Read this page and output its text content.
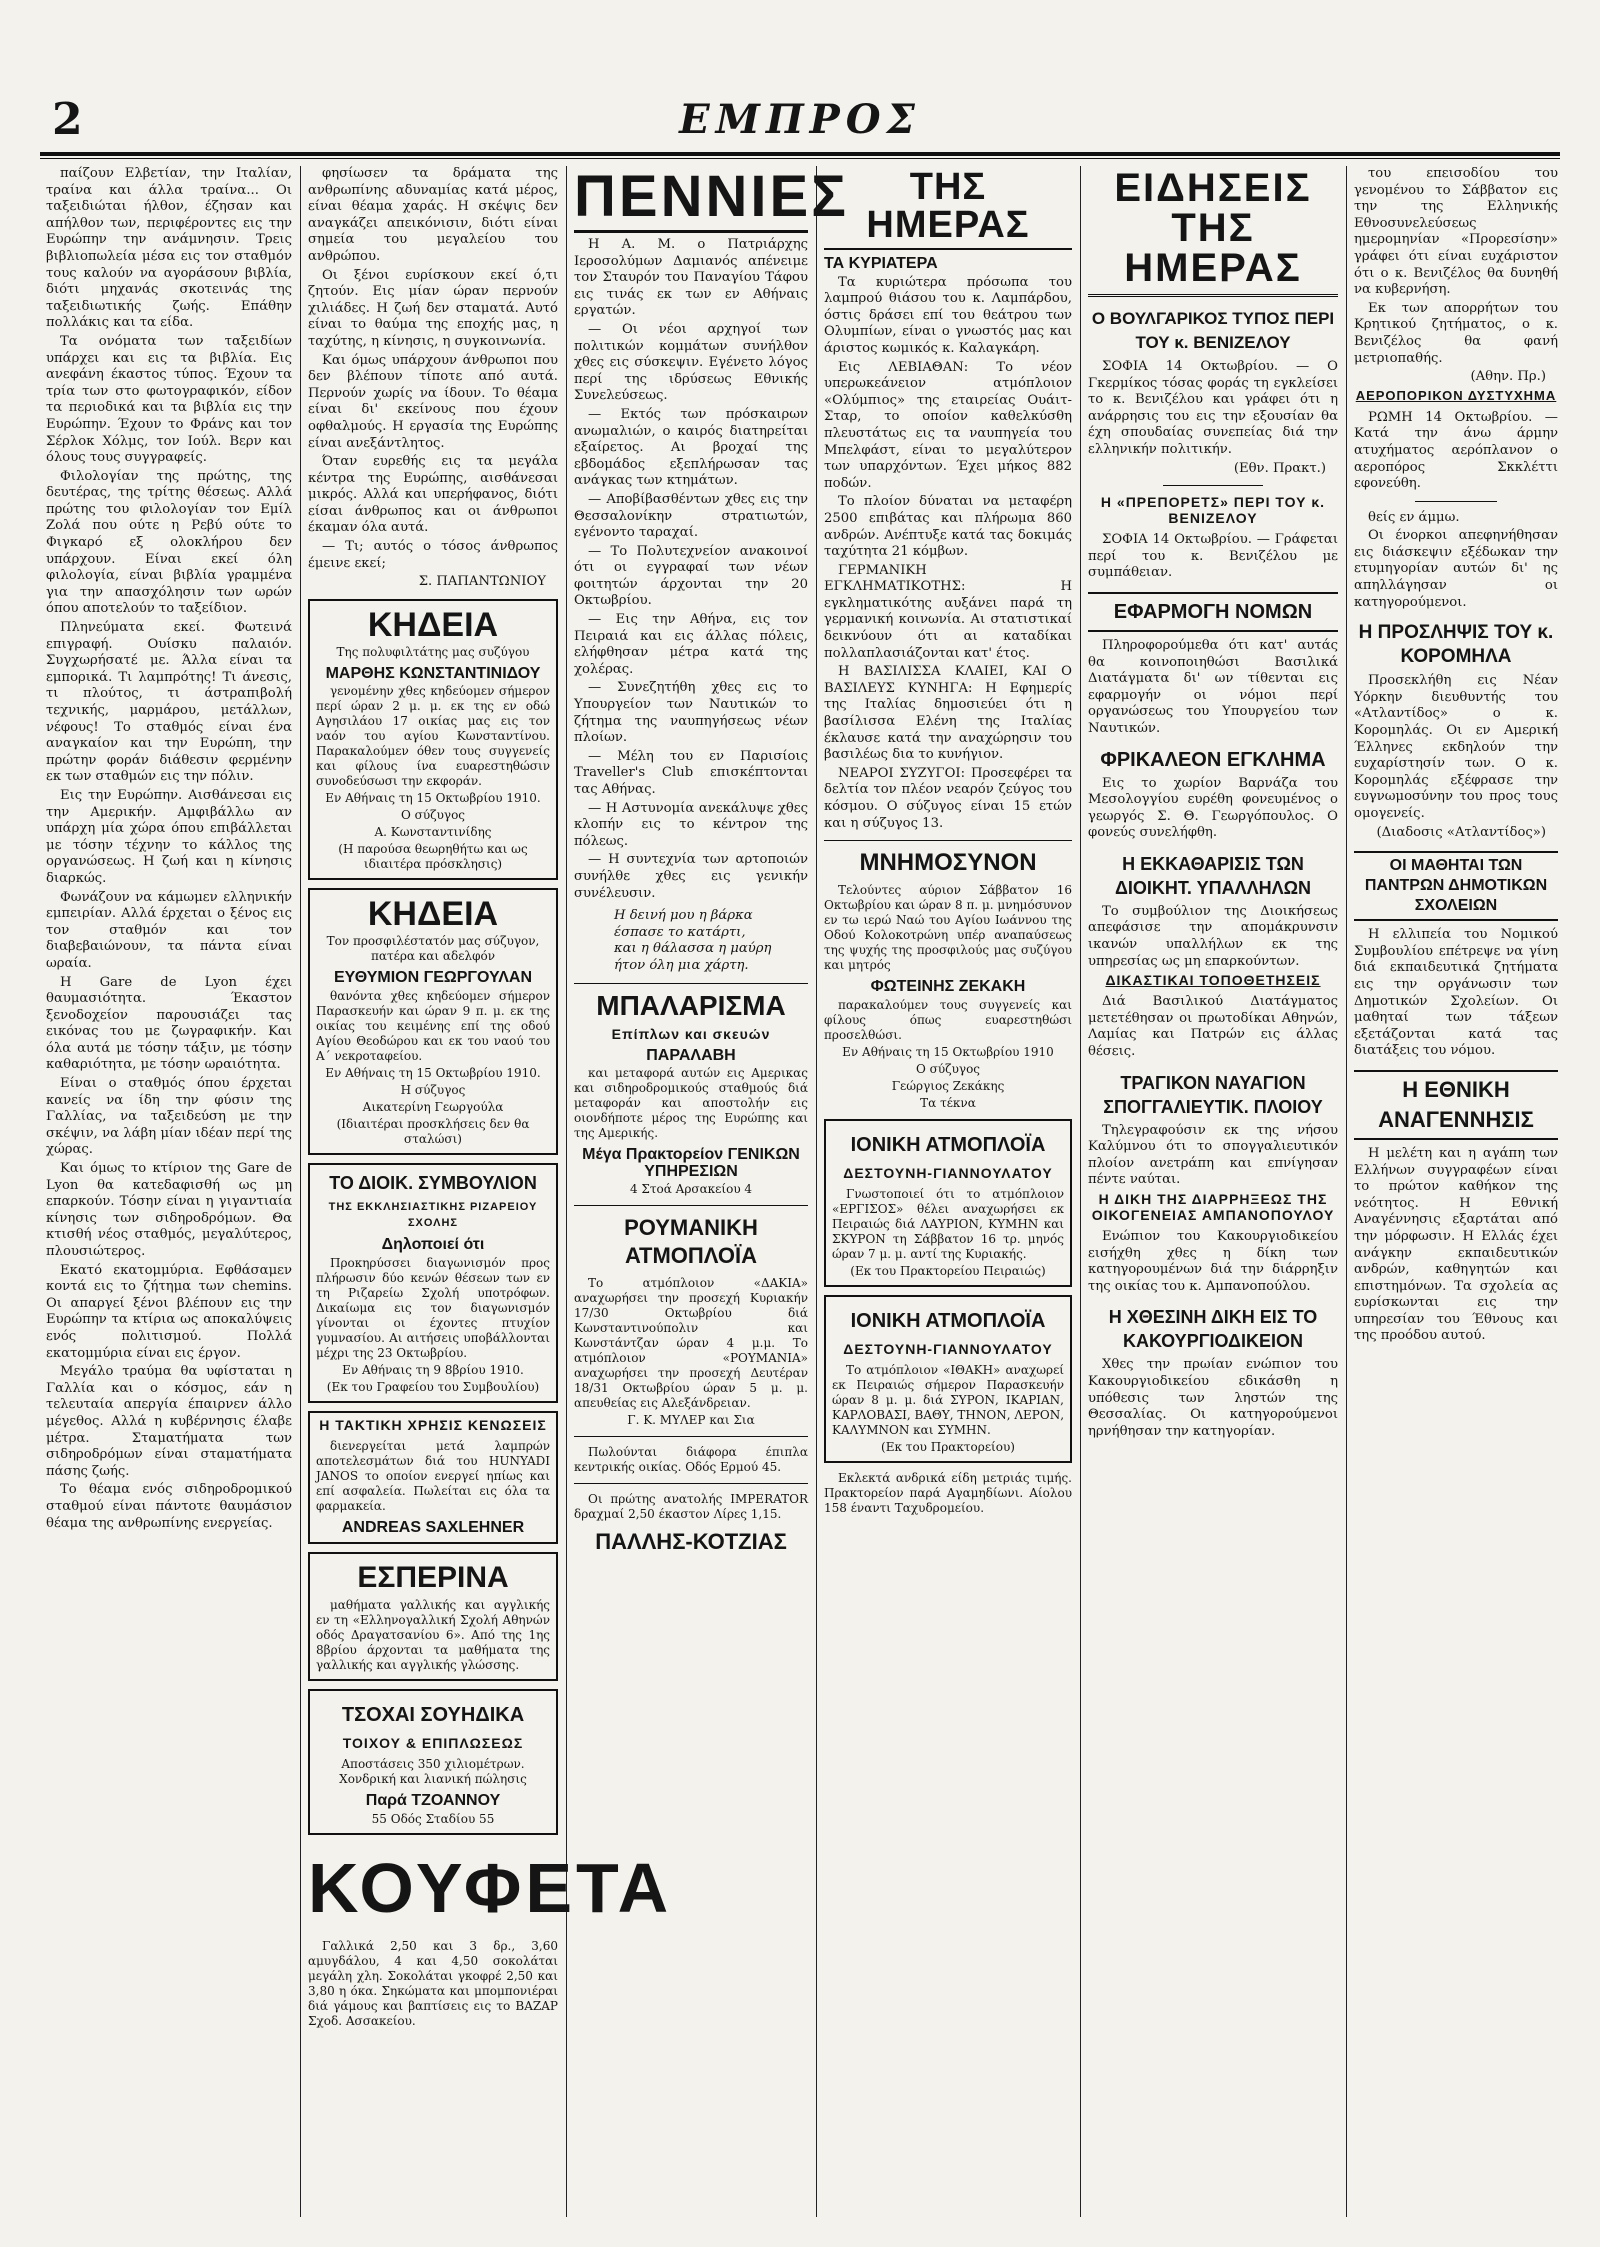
2	ΕΜΠΡΟΣ

παίζουν Ελβετίαν, την Ιταλίαν, τραίνα και άλλα τραίνα... Οι ταξειδιώται ήλθον, έζησαν και απήλθον των, περιφέροντες εις την Ευρώπην την ανάμνησιν. Τρεις βιβλιοπωλεία μέσα εις τον σταθμόν τους καλούν να αγοράσουν βιβλία, διότι μηχανάς σκοτεινάς της ταξειδιωτικής ζωής. Επάθην πολλάκις και τα είδα.

Τα ονόματα των ταξειδίων υπάρχει και εις τα βιβλία. Εις ανεφάνη έκαστος τύπος. Έχουν τα τρία των στο φωτογραφικόν, είδον τα περιοδικά και τα βιβλία εις την Ευρώπην. Έχουν το Φράνς και τον Σέρλοκ Χόλμς, τον Ιούλ. Βερν και όλους τους συγγραφείς.

Φιλολογίαν της πρώτης, της δευτέρας, της τρίτης θέσεως. Αλλά πρώτης του φιλολογίαν τον Εμίλ Ζολά που ούτε η Ρεβύ ούτε το Φιγκαρό εξ ολοκλήρου δεν υπάρχουν. Είναι εκεί όλη φιλολογία, είναι βιβλία γραμμένα για την απασχόλησιν των ωρών όπου αποτελούν το ταξείδιον.

Πληνεύματα εκεί. Φωτεινά επιγραφή. Ουίσκυ παλαιόν. Συγχωρήσατέ με. Άλλα είναι τα εμπορικά. Τι λαμπρότης! Τι άνεσις, τι πλούτος, τι άστραπιβολή τεχνικής, μαρμάρου, μετάλλων, νέφους! Το σταθμός είναι ένα αναγκαίον και την Ευρώπη, την πρώτην φοράν διάθεσιν φερμένην εκ των σταθμών εις την πόλιν.

Εις την Ευρώπην. Αισθάνεσαι εις την Αμερικήν. Αμφιβάλλω αν υπάρχη μία χώρα όπου επιβάλλεται με τόσην τέχνην το κάλλος της οργανώσεως. Η ζωή και η κίνησις διαρκώς.

Φωνάζουν να κάμωμεν ελληνικήν εμπειρίαν. Αλλά έρχεται ο ξένος εις τον σταθμόν και τον διαβεβαιώνουν, τα πάντα είναι ωραία.

Η Gare de Lyon έχει θαυμασιότητα. Έκαστον ξενοδοχείον παρουσιάζει τας εικόνας του με ζωγραφικήν. Και όλα αυτά με τόσην τάξιν, με τόσην καθαριότητα, με τόσην ωραιότητα.

Είναι ο σταθμός όπου έρχεται κανείς να ίδη την φύσιν της Γαλλίας, να ταξειδεύση με την σκέψιν, να λάβη μίαν ιδέαν περί της χώρας.

Και όμως το κτίριον της Gare de Lyon θα κατεδαφισθή ως μη επαρκούν. Τόσην είναι η γιγαντιαία κίνησις των σιδηροδρόμων. Θα κτισθή νέος σταθμός, μεγαλύτερος, πλουσιώτερος.

Εκατό εκατομμύρια. Εφθάσαμεν κοντά εις το ζήτημα των chemins. Οι απαργεί ξένοι βλέπουν εις την Ευρώπην τα κτίρια ως αποκαλύψεις ενός πολιτισμού. Πολλά εκατομμύρια είναι εις έργον.

Μεγάλο τραύμα θα υφίσταται η Γαλλία και ο κόσμος, εάν η τελευταία απεργία έπαιρνεν άλλο μέγεθος. Αλλά η κυβέρνησις έλαβε μέτρα. Σταματήματα των σιδηροδρόμων είναι σταματήματα πάσης ζωής.

Το θέαμα ενός σιδηροδρομικού σταθμού είναι πάντοτε θαυμάσιον θέαμα της ανθρωπίνης ενεργείας.

φησίωσεν τα δράματα της ανθρωπίνης αδυναμίας κατά μέρος, είναι θέαμα χαράς. Η σκέψις δεν αναγκάζει απεικόνισιν, διότι είναι σημεία του μεγαλείου του ανθρώπου.

Οι ξένοι ευρίσκουν εκεί ό,τι ζητούν. Εις μίαν ώραν περνούν χιλιάδες. Η ζωή δεν σταματά. Αυτό είναι το θαύμα της εποχής μας, η ταχύτης, η κίνησις, η συγκοινωνία.

Και όμως υπάρχουν άνθρωποι που δεν βλέπουν τίποτε από αυτά. Περνούν χωρίς να ίδουν. Το θέαμα είναι δι' εκείνους που έχουν οφθαλμούς. Η εργασία της Ευρώπης είναι ανεξάντλητος.

Όταν ευρεθής εις τα μεγάλα κέντρα της Ευρώπης, αισθάνεσαι μικρός. Αλλά και υπερήφανος, διότι είσαι άνθρωπος και οι άνθρωποι έκαμαν όλα αυτά.

— Τι; αυτός ο τόσος άνθρωπος έμεινε εκεί;

Σ. ΠΑΠΑΝΤΩΝΙΟΥ

ΚΗΔΕΙΑ

Της πολυφιλτάτης μας συζύγου

ΜΑΡΘΗΣ ΚΩΝΣΤΑΝΤΙΝΙΔΟΥ

γενομένην χθες κηδεύομεν σήμερον περί ώραν 2 μ. μ. εκ της εν οδώ Αγησιλάου 17 οικίας μας εις τον ναόν του αγίου Κωνσταντίνου. Παρακαλούμεν όθεν τους συγγενείς και φίλους ίνα ευαρεστηθώσιν συνοδεύσωσι την εκφοράν.

Εν Αθήναις τη 15 Οκτωβρίου 1910.

Ο σύζυγος

Α. Κωνσταντινίδης

(Η παρούσα θεωρηθήτω και ως ιδιαιτέρα πρόσκλησις)

ΚΗΔΕΙΑ

Τον προσφιλέστατόν μας σύζυγον, πατέρα και αδελφόν

ΕΥΘΥΜΙΟΝ ΓΕΩΡΓΟΥΛΑΝ

θανόντα χθες κηδεύομεν σήμερον Παρασκευήν και ώραν 9 π. μ. εκ της οικίας του κειμένης επί της οδού Αγίου Θεοδώρου και εκ του ναού του Α΄ νεκροταφείου.

Εν Αθήναις τη 15 Οκτωβρίου 1910.

Η σύζυγος

Αικατερίνη Γεωργούλα

(Ιδιαιτέραι προσκλήσεις δεν θα σταλώσι)

ΤΟ ΔΙΟΙΚ. ΣΥΜΒΟΥΛΙΟΝ
ΤΗΣ ΕΚΚΛΗΣΙΑΣΤΙΚΗΣ ΡΙΖΑΡΕΙΟΥ ΣΧΟΛΗΣ
Δηλοποιεί ότι

Προκηρύσσει διαγωνισμόν προς πλήρωσιν δύο κενών θέσεων των εν τη Ριζαρείω Σχολή υποτρόφων. Δικαίωμα εις τον διαγωνισμόν γίνονται οι έχοντες πτυχίον γυμνασίου. Αι αιτήσεις υποβάλλονται μέχρι της 23 Οκτωβρίου.

Εν Αθήναις τη 9 8βρίου 1910.

(Εκ του Γραφείου του Συμβουλίου)

Η ΤΑΚΤΙΚΗ ΧΡΗΣΙΣ ΚΕΝΩΣΕΙΣ

διενεργείται μετά λαμπρών αποτελεσμάτων διά του HUNYADI JANOS το οποίον ενεργεί ηπίως και επί ασφαλεία. Πωλείται εις όλα τα φαρμακεία.

ANDREAS SAXLEHNER
ΕΣΠΕΡΙΝΑ

μαθήματα γαλλικής και αγγλικής εν τη «Ελληνογαλλική Σχολή Αθηνών οδός Δραγατσανίου 6». Από της 1ης 8βρίου άρχονται τα μαθήματα της γαλλικής και αγγλικής γλώσσης.

ΤΣΟΧΑΙ ΣΟΥΗΔΙΚΑ
ΤΟΙΧΟΥ & ΕΠΙΠΛΩΣΕΩΣ

Αποστάσεις 350 χιλιομέτρων. Χονδρική και λιανική πώλησις

Παρά ΤΖΟΑΝΝΟΥ

55 Οδός Σταδίου 55

ΚΟΥΦΕΤΑ

Γαλλικά 2,50 και 3 δρ., 3,60 αμυγδάλου, 4 και 4,50 σοκολάται μεγάλη χλη. Σοκολάται γκοφρέ 2,50 και 3,80 η όκα. Σηκώματα και μπομπονιέραι διά γάμους και βαπτίσεις εις το ΒΑΖΑΡ Σχοδ. Ασσακείου.

ΠΕΝΝΙΕΣ

Η Α. Μ. ο Πατριάρχης Ιεροσολύμων Δαμιανός απένειμε τον Σταυρόν του Παναγίου Τάφου εις τινάς εκ των εν Αθήναις εργατών.

— Οι νέοι αρχηγοί των πολιτικών κομμάτων συνήλθον χθες εις σύσκεψιν. Εγένετο λόγος περί της ιδρύσεως Εθνικής Συνελεύσεως.

— Εκτός των πρόσκαιρων ανωμαλιών, ο καιρός διατηρείται εξαίρετος. Αι βροχαί της εβδομάδος εξεπλήρωσαν τας ανάγκας των κτημάτων.

— Αποβίβασθέντων χθες εις την Θεσσαλονίκην στρατιωτών, εγένοντο ταραχαί.

— Το Πολυτεχνείον ανακοινοί ότι οι εγγραφαί των νέων φοιτητών άρχονται την 20 Οκτωβρίου.

— Εις την Αθήνα, εις τον Πειραιά και εις άλλας πόλεις, ελήφθησαν μέτρα κατά της χολέρας.

— Συνεζητήθη χθες εις το Υπουργείον των Ναυτικών το ζήτημα της ναυπηγήσεως νέων πλοίων.

— Μέλη του εν Παρισίοις Traveller's Club επισκέπτονται τας Αθήνας.

— Η Αστυνομία ανεκάλυψε χθες κλοπήν εις το κέντρον της πόλεως.

— Η συντεχνία των αρτοποιών συνήλθε χθες εις γενικήν συνέλευσιν.

Η δεινή μου η βάρκα
έσπασε το κατάρτι,
και η θάλασσα η μαύρη
ήτον όλη μια χάρτη.
ΜΠΑΛΑΡΙΣΜΑ
Επίπλων και σκευών
ΠΑΡΑΛΑΒΗ

και μεταφορά αυτών εις Αμερικας και σιδηροδρομικούς σταθμούς διά μεταφοράν και αποστολήν εις οιονδήποτε μέρος της Ευρώπης και της Αμερικής.

Μέγα Πρακτορείον ΓΕΝΙΚΩΝ ΥΠΗΡΕΣΙΩΝ

4 Στοά Αρσακείου 4

ΡΟΥΜΑΝΙΚΗ ΑΤΜΟΠΛΟΪΑ

Το ατμόπλοιον «ΔΑΚΙΑ» αναχωρήσει την προσεχή Κυριακήν 17/30 Οκτωβρίου διά Κωνσταντινούπολιν και Κωνστάντζαν ώραν 4 μ.μ. Το ατμόπλοιον «ΡΟΥΜΑΝΙΑ» αναχωρήσει την προσεχή Δευτέραν 18/31 Οκτωβρίου ώραν 5 μ. μ. απευθείας εις Αλεξάνδρειαν.

Γ. Κ. ΜΥΛΕΡ και Σια

Πωλούνται διάφορα έπιπλα κεντρικής οικίας. Οδός Ερμού 45.

Οι πρώτης ανατολής IMPERATOR δραχμαί 2,50 έκαστον Λίρες 1,15.

ΠΑΛΛΗΣ-ΚΟΤΖΙΑΣ
ΤΗΣ ΗΜΕΡΑΣ
ΤΑ ΚΥΡΙΑΤΕΡΑ

Τα κυριώτερα πρόσωπα του λαμπρού θιάσου του κ. Λαμπάρδου, όστις δράσει επί του θεάτρου των Ολυμπίων, είναι ο γνωστός μας και άριστος κωμικός κ. Καλαγκάρη.

Εις ΛΕΒΙΑΘΑΝ: Το νέον υπερωκεάνειον ατμόπλοιον «Ολύμπιος» της εταιρείας Ουάιτ-Σταρ, το οποίον καθελκύσθη πλευστάτως εις τα ναυπηγεία του Μπελφάστ, είναι το μεγαλύτερον των υπαρχόντων. Έχει μήκος 882 ποδών.

Το πλοίον δύναται να μεταφέρη 2500 επιβάτας και πλήρωμα 860 ανδρών. Ανέπτυξε κατά τας δοκιμάς ταχύτητα 21 κόμβων.

ΓΕΡΜΑΝΙΚΗ ΕΓΚΛΗΜΑΤΙΚΟΤΗΣ: Η εγκληματικότης αυξάνει παρά τη γερμανική κοινωνία. Αι στατιστικαί δεικνύουν ότι αι καταδίκαι πολλαπλασιάζονται κατ' έτος.

Η ΒΑΣΙΛΙΣΣΑ ΚΛΑΙΕΙ, ΚΑΙ Ο ΒΑΣΙΛΕΥΣ ΚΥΝΗΓΑ: Η Εφημερίς της Ιταλίας δημοσιεύει ότι η βασίλισσα Ελένη της Ιταλίας έκλαυσε κατά την αναχώρησιν του βασιλέως δια το κυνήγιον.

ΝΕΑΡΟΙ ΣΥΖΥΓΟΙ: Προσεφέρει τα δελτία τον πλέον νεαρόν ζεύγος του κόσμου. Ο σύζυγος είναι 15 ετών και η σύζυγος 13.

ΜΝΗΜΟΣΥΝΟΝ

Τελούντες αύριον Σάββατον 16 Οκτωβρίου και ώραν 8 π. μ. μνημόσυνον εν τω ιερώ Ναώ του Αγίου Ιωάννου της Οδού Κολοκοτρώνη υπέρ αναπαύσεως της ψυχής της προσφιλούς μας συζύγου και μητρός

ΦΩΤΕΙΝΗΣ ΖΕΚΑΚΗ

παρακαλούμεν τους συγγενείς και φίλους όπως ευαρεστηθώσι προσελθώσι.

Εν Αθήναις τη 15 Οκτωβρίου 1910

Ο σύζυγος

Γεώργιος Ζεκάκης

Τα τέκνα

ΙΟΝΙΚΗ ΑΤΜΟΠΛΟΪΑ
ΔΕΣΤΟΥΝΗ-ΓΙΑΝΝΟΥΛΑΤΟΥ

Γνωστοποιεί ότι το ατμόπλοιον «ΕΡΓΙΣΟΣ» θέλει αναχωρήσει εκ Πειραιώς διά ΛΑΥΡΙΟΝ, ΚΥΜΗΝ και ΣΚΥΡΟΝ τη Σάββατον 16 τρ. μηνός ώραν 7 μ. μ. αντί της Κυριακής.

(Εκ του Πρακτορείου Πειραιώς)

ΙΟΝΙΚΗ ΑΤΜΟΠΛΟΪΑ
ΔΕΣΤΟΥΝΗ-ΓΙΑΝΝΟΥΛΑΤΟΥ

Το ατμόπλοιον «ΙΘΑΚΗ» αναχωρεί εκ Πειραιώς σήμερον Παρασκευήν ώραν 8 μ. μ. διά ΣΥΡΟΝ, ΙΚΑΡΙΑΝ, ΚΑΡΛΟΒΑΣΙ, ΒΑΘΥ, ΤΗΝΟΝ, ΛΕΡΟΝ, ΚΑΛΥΜΝΟΝ και ΣΥΜΗΝ.

(Εκ του Πρακτορείου)

Εκλεκτά ανδρικά είδη μετριάς τιμής. Πρακτορείον παρά Αγαμηδίωνι. Αίολου 158 έναντι Ταχυδρομείου.

ΕΙΔΗΣΕΙΣ ΤΗΣ ΗΜΕΡΑΣ
Ο ΒΟΥΛΓΑΡΙΚΟΣ ΤΥΠΟΣ ΠΕΡΙ ΤΟΥ κ. ΒΕΝΙΖΕΛΟΥ

ΣΟΦΙΑ 14 Οκτωβρίου. — Ο Γκερμίκος τόσας φοράς τη εγκλείσει το κ. Βενιζέλου και γράφει ότι η ανάρρησις του εις την εξουσίαν θα έχη σπουδαίας συνεπείας διά την ελληνικήν πολιτικήν.

(Εθν. Πρακτ.)

Η «ΠΡΕΠΟΡΕΤΣ» ΠΕΡΙ ΤΟΥ κ. ΒΕΝΙΖΕΛΟΥ

ΣΟΦΙΑ 14 Οκτωβρίου. — Γράφεται περί του κ. Βενιζέλου με συμπάθειαν.

ΕΦΑΡΜΟΓΗ ΝΟΜΩΝ

Πληροφορούμεθα ότι κατ' αυτάς θα κοινοποιηθώσι Βασιλικά Διατάγματα δι' ων τίθενται εις εφαρμογήν οι νόμοι περί οργανώσεως του Υπουργείου των Ναυτικών.

ΦΡΙΚΑΛΕΟΝ ΕΓΚΛΗΜΑ

Εις το χωρίον Βαρνάζα του Μεσολογγίου ευρέθη φονευμένος ο γεωργός Σ. Θ. Γεωργόπουλος. Ο φονεύς συνελήφθη.

Η ΕΚΚΑΘΑΡΙΣΙΣ ΤΩΝ ΔΙΟΙΚΗΤ. ΥΠΑΛΛΗΛΩΝ

Το συμβούλιον της Διοικήσεως απεφάσισε την απομάκρυνσιν ικανών υπαλλήλων εκ της υπηρεσίας ως μη επαρκούντων.

ΔΙΚΑΣΤΙΚΑΙ ΤΟΠΟΘΕΤΗΣΕΙΣ

Διά Βασιλικού Διατάγματος μετετέθησαν οι πρωτοδίκαι Αθηνών, Λαμίας και Πατρών εις άλλας θέσεις.

ΤΡΑΓΙΚΟΝ ΝΑΥΑΓΙΟΝ ΣΠΟΓΓΑΛΙΕΥΤΙΚ. ΠΛΟΙΟΥ

Τηλεγραφούσιν εκ της νήσου Καλύμνου ότι το σπογγαλιευτικόν πλοίον ανετράπη και επνίγησαν πέντε ναύται.

Η ΔΙΚΗ ΤΗΣ ΔΙΑΡΡΗΞΕΩΣ ΤΗΣ ΟΙΚΟΓΕΝΕΙΑΣ ΑΜΠΑΝΟΠΟΥΛΟΥ

Ενώπιον του Κακουργιοδικείου εισήχθη χθες η δίκη των κατηγορουμένων διά την διάρρηξιν της οικίας του κ. Αμπανοπούλου.

Η ΧΘΕΣΙΝΗ ΔΙΚΗ ΕΙΣ ΤΟ ΚΑΚΟΥΡΓΙΟΔΙΚΕΙΟΝ

Χθες την πρωίαν ενώπιον του Κακουργιοδικείου εδικάσθη η υπόθεσις των ληστών της Θεσσαλίας. Οι κατηγορούμενοι ηρνήθησαν την κατηγορίαν.

του επεισοδίου του γενομένου το Σάββατον εις την της Ελληνικής Εθνοσυνελεύσεως ημερομηνίαν «Προρεσίσην» γράφει ότι είναι ευχάριστον ότι ο κ. Βενιζέλος θα δυνηθή να κυβερνήση.

Εκ των απορρήτων του Κρητικού ζητήματος, ο κ. Βενιζέλος θα φανή μετριοπαθής.

(Αθην. Πρ.)

ΑΕΡΟΠΟΡΙΚΟΝ ΔΥΣΤΥΧΗΜΑ

ΡΩΜΗ 14 Οκτωβρίου. — Κατά την άνω άρμην ατυχήματος αερόπλανον ο αεροπόρος Σκκλέττι εφονεύθη.

θείς εν άμμω.

Οι ένορκοι απεφηνήθησαν εις διάσκεψιν εξέδωκαν την ετυμηγορίαν αυτών δι' ης απηλλάγησαν οι κατηγορούμενοι.

Η ΠΡΟΣΛΗΨΙΣ ΤΟΥ κ. ΚΟΡΟΜΗΛΑ

Προσεκλήθη εις Νέαν Υόρκην διευθυντής του «Ατλαντίδος» ο κ. Κορομηλάς. Οι εν Αμερική Έλληνες εκδηλούν την ευχαρίστησίν των. Ο κ. Κορομηλάς εξέφρασε την ευγνωμοσύνην του προς τους ομογενείς.

(Διαδοσις «Ατλαντίδος»)

ΟΙ ΜΑΘΗΤΑΙ ΤΩΝ ΠΑΝΤΡΩΝ ΔΗΜΟΤΙΚΩΝ ΣΧΟΛΕΙΩΝ

Η ελλιπεία του Νομικού Συμβουλίου επέτρεψε να γίνη διά εκπαιδευτικά ζητήματα εις την οργάνωσιν των Δημοτικών Σχολείων. Οι μαθηταί των τάξεων εξετάζονται κατά τας διατάξεις του νόμου.

Η ΕΘΝΙΚΗ ΑΝΑΓΕΝΝΗΣΙΣ

Η μελέτη και η αγάπη των Ελλήνων συγγραφέων είναι το πρώτον καθήκον της νεότητος. Η Εθνική Αναγέννησις εξαρτάται από την μόρφωσιν. Η Ελλάς έχει ανάγκην εκπαιδευτικών ανδρών, καθηγητών και επιστημόνων. Τα σχολεία ας ευρίσκωνται εις την υπηρεσίαν του Έθνους και της προόδου αυτού.
